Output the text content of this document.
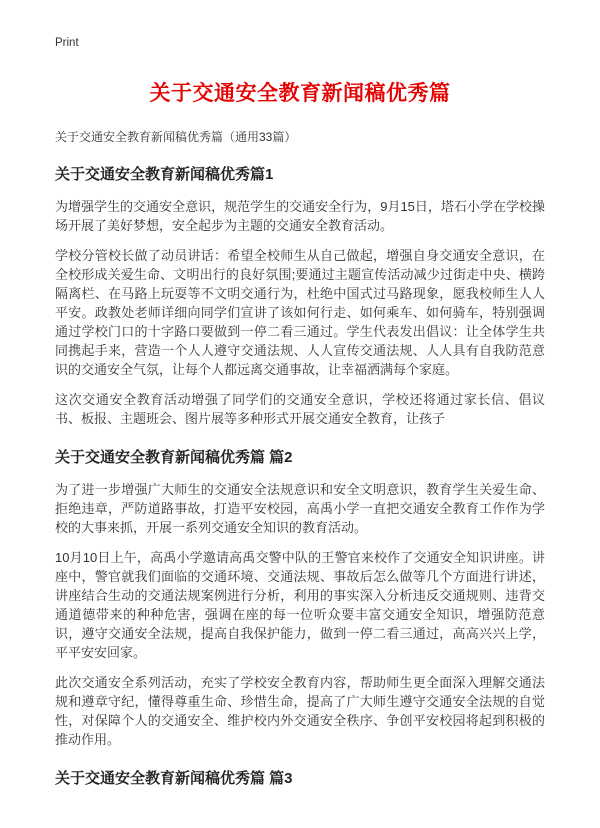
Print
关于交通安全教育新闻稿优秀篇

关于交通安全教育新闻稿优秀篇（通用33篇）

关于交通安全教育新闻稿优秀篇1

为增强学生的交通安全意识，规范学生的交通安全行为，9月15日，塔石小学在学校操场开展了美好梦想，安全起步为主题的交通安全教育活动。

学校分管校长做了动员讲话：希望全校师生从自己做起，增强自身交通安全意识，在全校形成关爱生命、文明出行的良好氛围;要通过主题宣传活动减少过街走中央、横跨隔离栏、在马路上玩耍等不文明交通行为，杜绝中国式过马路现象，愿我校师生人人平安。政教处老师详细向同学们宣讲了该如何行走、如何乘车、如何骑车，特别强调通过学校门口的十字路口要做到一停二看三通过。学生代表发出倡议：让全体学生共同携起手来，营造一个人人遵守交通法规、人人宣传交通法规、人人具有自我防范意识的交通安全气氛，让每个人都远离交通事故，让幸福洒满每个家庭。

这次交通安全教育活动增强了同学们的交通安全意识，学校还将通过家长信、倡议书、板报、主题班会、图片展等多种形式开展交通安全教育，让孩子

关于交通安全教育新闻稿优秀篇 篇2

为了进一步增强广大师生的交通安全法规意识和安全文明意识，教育学生关爱生命、拒绝违章，严防道路事故，打造平安校园，高禹小学一直把交通安全教育工作作为学校的大事来抓，开展一系列交通安全知识的教育活动。

10月10日上午，高禹小学邀请高禹交警中队的王警官来校作了交通安全知识讲座。讲座中，警官就我们面临的交通环境、交通法规、事故后怎么做等几个方面进行讲述，讲座结合生动的交通法规案例进行分析，利用的事实深入分析违反交通规则、违背交通道德带来的种种危害，强调在座的每一位听众要丰富交通安全知识，增强防范意识，遵守交通安全法规，提高自我保护能力，做到一停二看三通过，高高兴兴上学，平平安安回家。

此次交通安全系列活动，充实了学校安全教育内容，帮助师生更全面深入理解交通法规和遵章守纪，懂得尊重生命、珍惜生命，提高了广大师生遵守交通安全法规的自觉性，对保障个人的交通安全、维护校内外交通安全秩序、争创平安校园将起到积极的推动作用。

关于交通安全教育新闻稿优秀篇 篇3
